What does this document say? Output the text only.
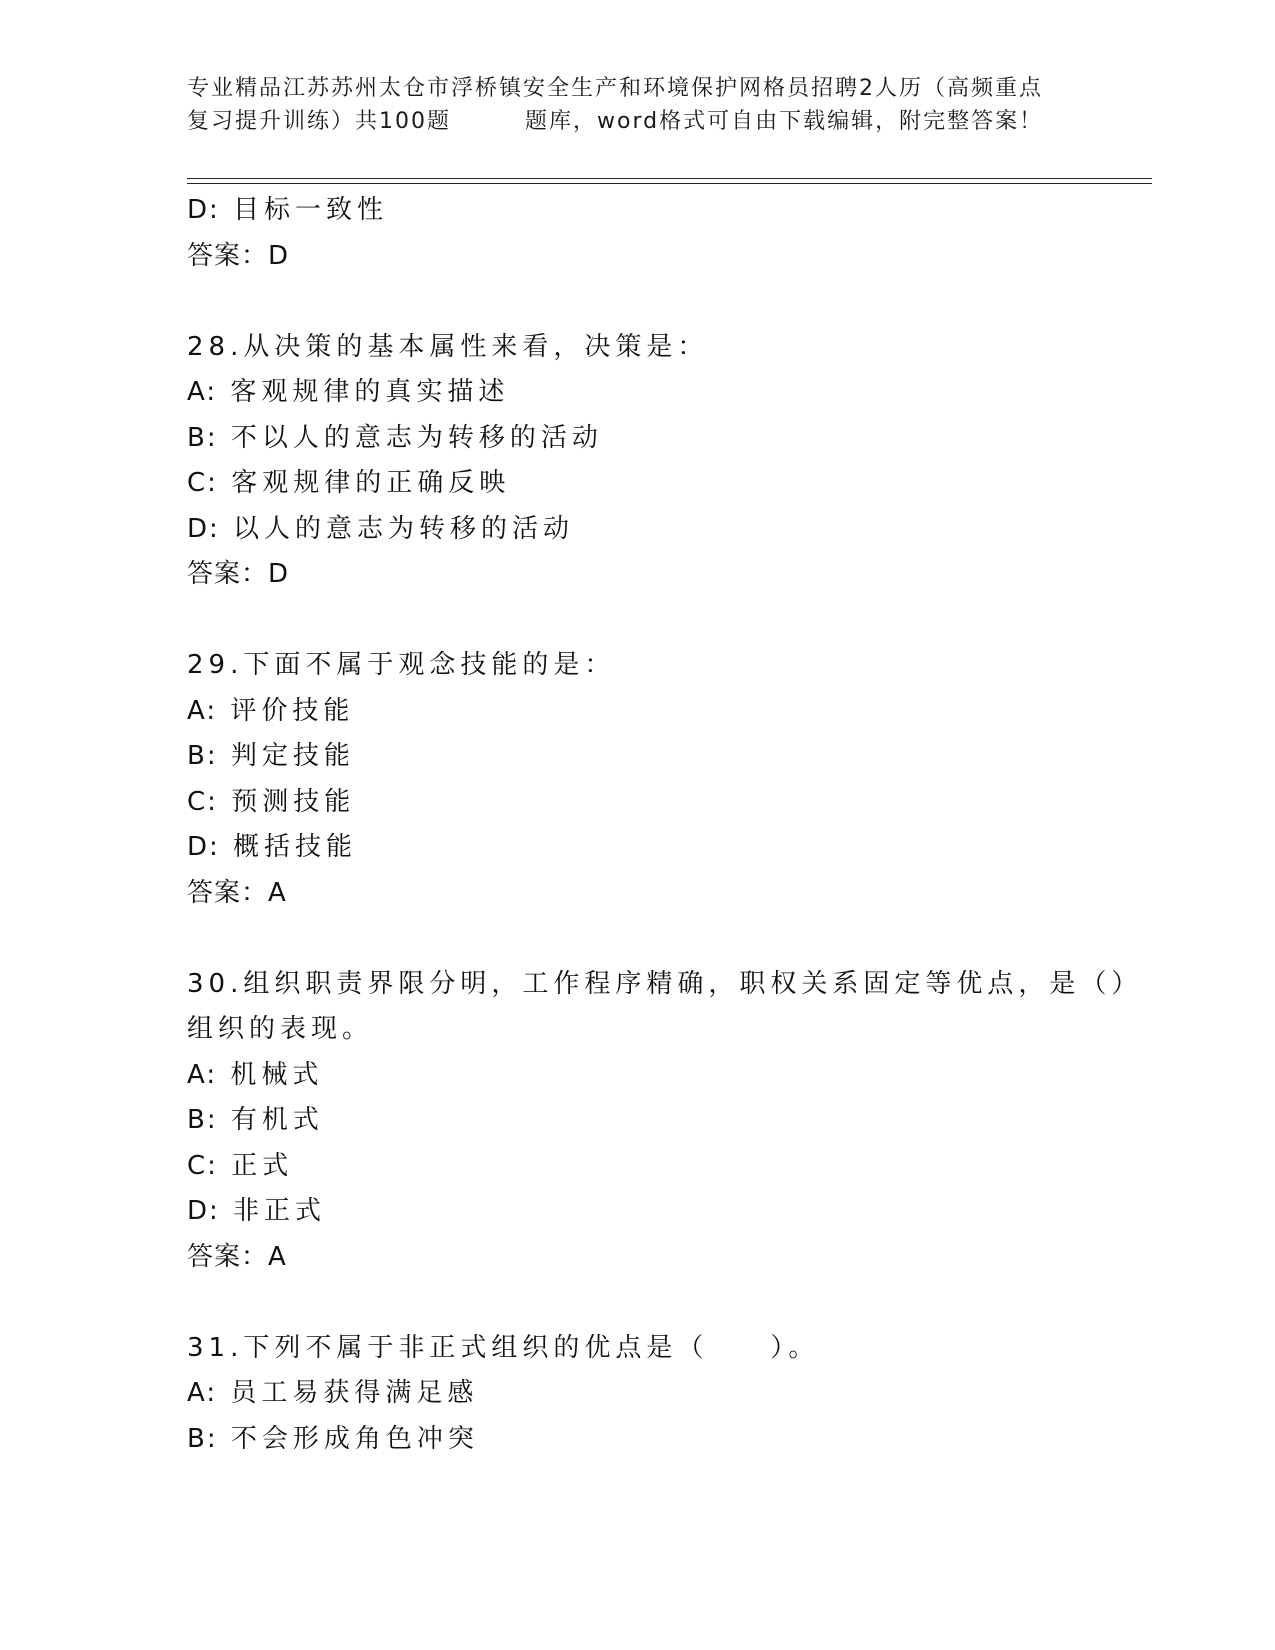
专业精品江苏苏州太仓市浮桥镇安全生产和环境保护网格员招聘2人历（高频重点
复习提升训练）共100题	题库，word格式可自由下载编辑，附完整答案！
D: 目标一致性
答案：D
28.从决策的基本属性来看，决策是：
A: 客观规律的真实描述
B: 不以人的意志为转移的活动
C: 客观规律的正确反映
D: 以人的意志为转移的活动
答案：D
29.下面不属于观念技能的是：
A: 评价技能
B: 判定技能
C: 预测技能
D: 概括技能
答案：A
30.组织职责界限分明，工作程序精确，职权关系固定等优点，是（）
组织的表现。
A: 机械式
B: 有机式
C: 正式
D: 非正式
答案：A
31.下列不属于非正式组织的优点是（　　）。
A: 员工易获得满足感
B: 不会形成角色冲突
